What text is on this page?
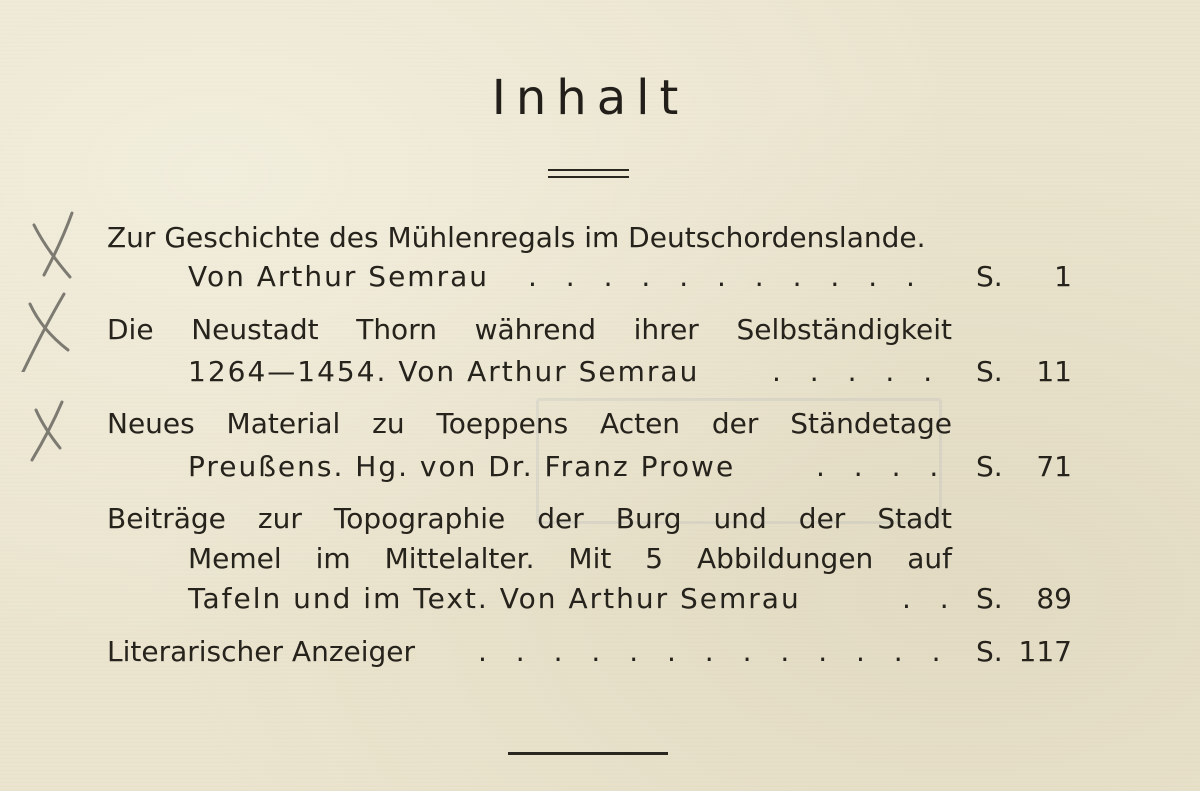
Inhalt
Zur Geschichte des Mühlenregals im Deutschordenslande.
Von Arthur Semrau . . . . . . . . . . . S.	1
Die Neustadt Thorn während ihrer Selbständigkeit
1264—1454. Von Arthur Semrau	. . . . . S.	11
Neues Material zu Toeppens Acten der Ständetage
Preußens. Hg. von Dr. Franz Prowe	. . . . S.	71
Beiträge zur Topographie der Burg und der Stadt
Memel im Mittelalter. Mit 5 Abbildungen auf
Tafeln und im Text. Von Arthur Semrau	. . S.	89
Literarischer Anzeiger . . . . . . . . . . . . . S. 117
